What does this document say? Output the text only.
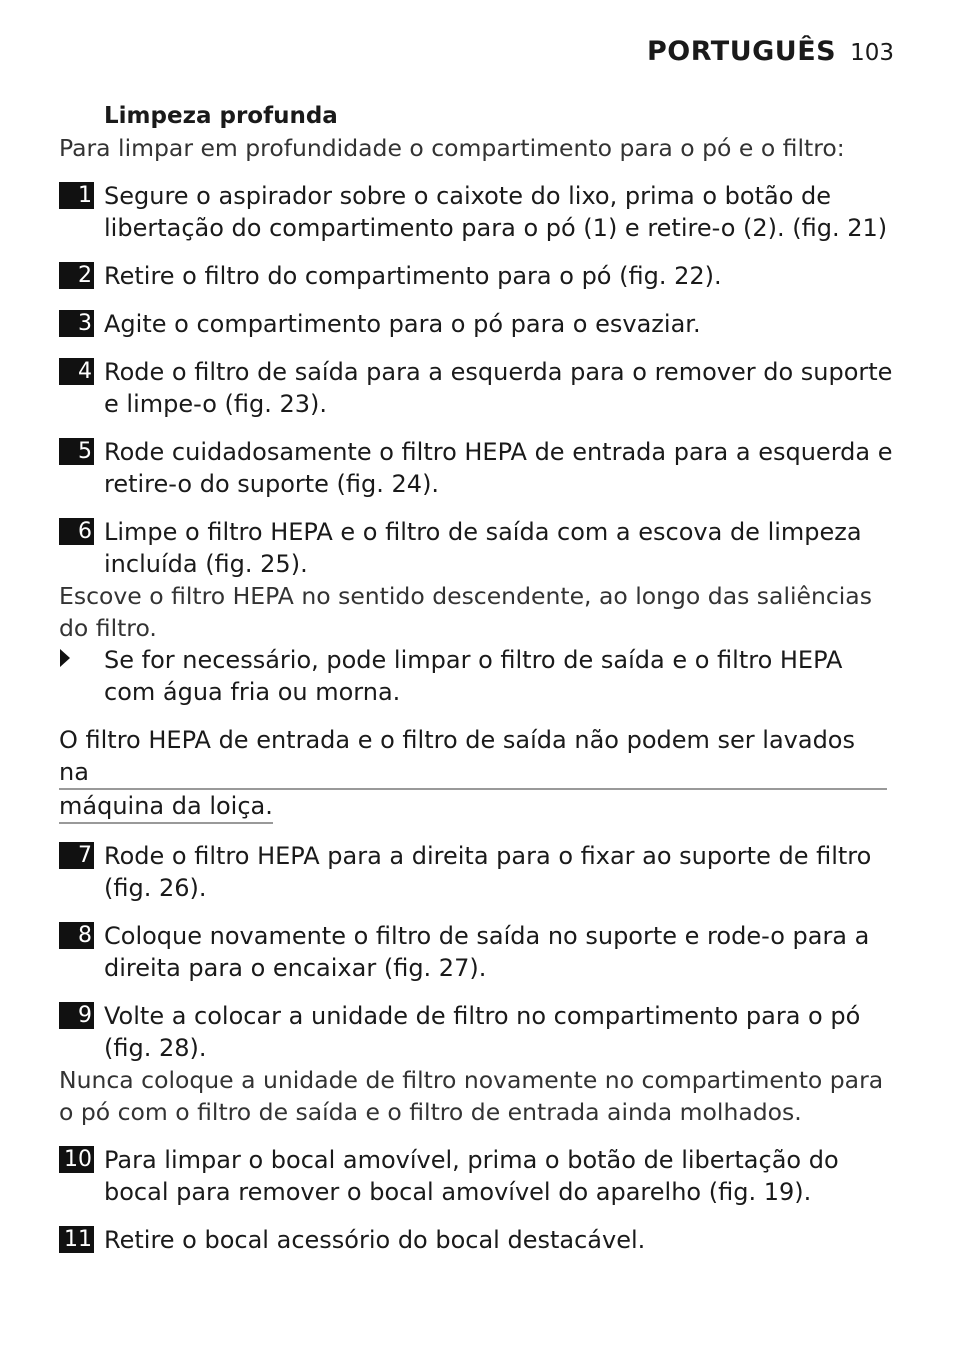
PORTUGUÊS 103
Limpeza profunda
Para limpar em profundidade o compartimento para o pó e o filtro:
1 Segure o aspirador sobre o caixote do lixo, prima o botão de libertação do compartimento para o pó (1) e retire-o (2). (fig. 21)
2 Retire o filtro do compartimento para o pó (fig. 22).
3 Agite o compartimento para o pó para o esvaziar.
4 Rode o filtro de saída para a esquerda para o remover do suporte e limpe-o (fig. 23).
5 Rode cuidadosamente o filtro HEPA de entrada para a esquerda e retire-o do suporte (fig. 24).
6 Limpe o filtro HEPA e o filtro de saída com a escova de limpeza incluída (fig. 25).
Escove o filtro HEPA no sentido descendente, ao longo das saliências do filtro.
Se for necessário, pode limpar o filtro de saída e o filtro HEPA com água fria ou morna.
O filtro HEPA de entrada e o filtro de saída não podem ser lavados na
máquina da loiça.
7 Rode o filtro HEPA para a direita para o fixar ao suporte de filtro (fig. 26).
8 Coloque novamente o filtro de saída no suporte e rode-o para a direita para o encaixar (fig. 27).
9 Volte a colocar a unidade de filtro no compartimento para o pó (fig. 28).
Nunca coloque a unidade de filtro novamente no compartimento para o pó com o filtro de saída e o filtro de entrada ainda molhados.
10 Para limpar o bocal amovível, prima o botão de libertação do bocal para remover o bocal amovível do aparelho (fig. 19).
11 Retire o bocal acessório do bocal destacável.
